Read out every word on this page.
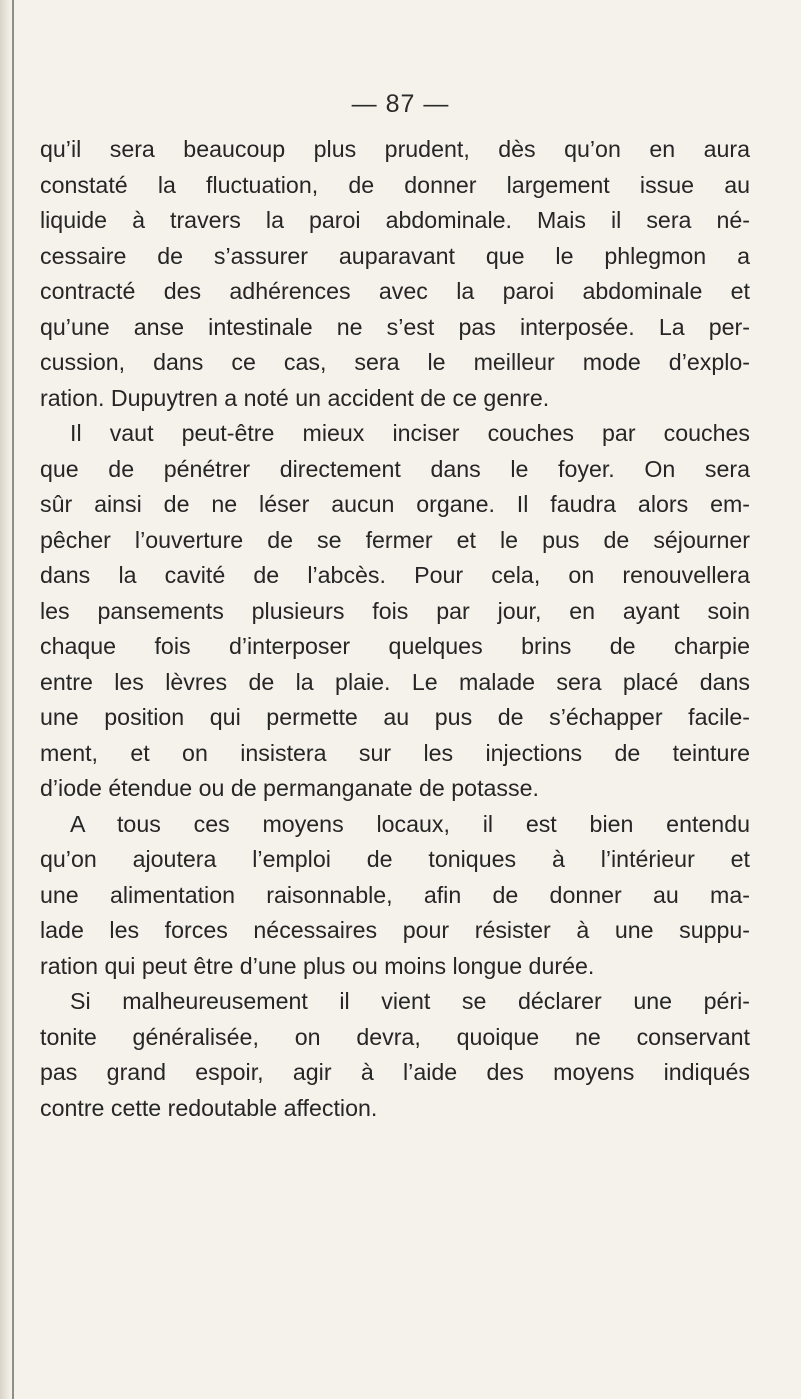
— 87 —
qu’il sera beaucoup plus prudent, dès qu’on en aura
constaté la fluctuation, de donner largement issue au
liquide à travers la paroi abdominale. Mais il sera né-
cessaire de s’assurer auparavant que le phlegmon a
contracté des adhérences avec la paroi abdominale et
qu’une anse intestinale ne s’est pas interposée. La per-
cussion, dans ce cas, sera le meilleur mode d’explo-
ration. Dupuytren a noté un accident de ce genre.
Il vaut peut-être mieux inciser couches par couches
que de pénétrer directement dans le foyer. On sera
sûr ainsi de ne léser aucun organe. Il faudra alors em-
pêcher l’ouverture de se fermer et le pus de séjourner
dans la cavité de l’abcès. Pour cela, on renouvellera
les pansements plusieurs fois par jour, en ayant soin
chaque fois d’interposer quelques brins de charpie
entre les lèvres de la plaie. Le malade sera placé dans
une position qui permette au pus de s’échapper facile-
ment, et on insistera sur les injections de teinture
d’iode étendue ou de permanganate de potasse.
A tous ces moyens locaux, il est bien entendu
qu’on ajoutera l’emploi de toniques à l’intérieur et
une alimentation raisonnable, afin de donner au ma-
lade les forces nécessaires pour résister à une suppu-
ration qui peut être d’une plus ou moins longue durée.
Si malheureusement il vient se déclarer une péri-
tonite généralisée, on devra, quoique ne conservant
pas grand espoir, agir à l’aide des moyens indiqués
contre cette redoutable affection.
